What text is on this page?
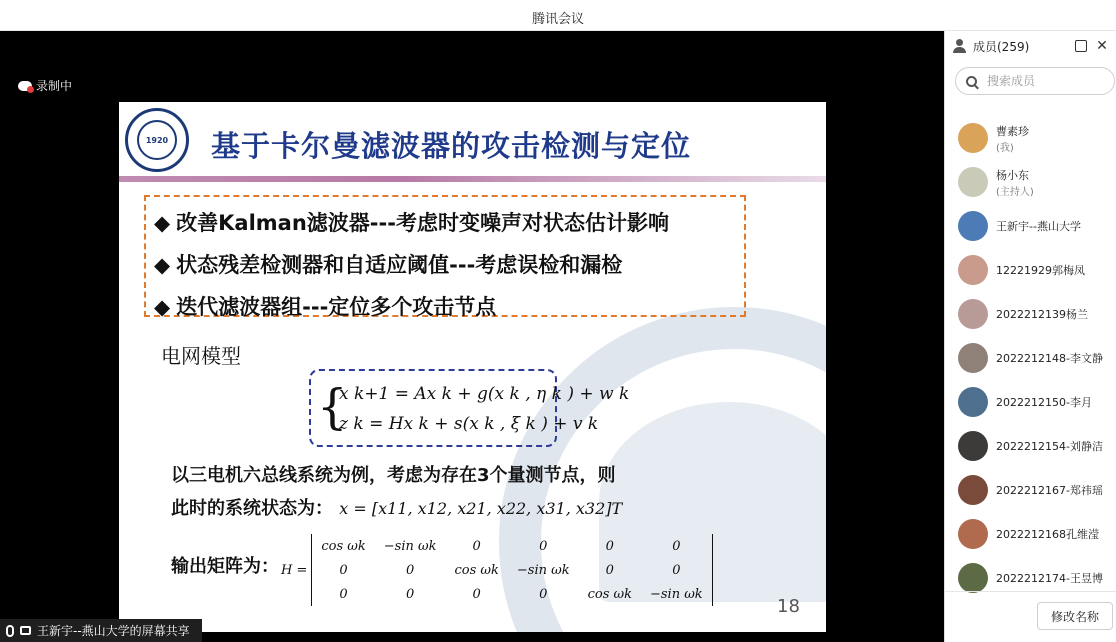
腾讯会议
录制中
1920	基于卡尔曼滤波器的攻击检测与定位
◆ 改善Kalman滤波器---考虑时变噪声对状态估计影响
◆ 状态残差检测器和自适应阈值---考虑误检和漏检
◆ 迭代滤波器组---定位多个攻击节点
电网模型
{
x k+1 = Ax k + g(x k , η k ) + w k
z k = Hx k + s(x k , ξ k ) + v k
以三电机六总线系统为例，考虑为存在3个量测节点，则
此时的系统状态为： x = [x11, x12, x21, x22, x31, x32]T
输出矩阵为： H =
cos ωk	−sin ωk	0	0	0	0
0	0	cos ωk	−sin ωk	0	0
0	0	0	0	cos ωk	−sin ωk
18
王新宇--燕山大学的屏幕共享
成员(259)	✕
搜索成员
曹素珍
(我)
杨小东
(主持人)
王新宇--燕山大学
12221929郭梅凤
2022212139杨兰
2022212148-李文静
2022212150-李月
2022212154-刘静洁
2022212167-郑祎瑶
2022212168孔维滢
2022212174-王昱博
修改名称
